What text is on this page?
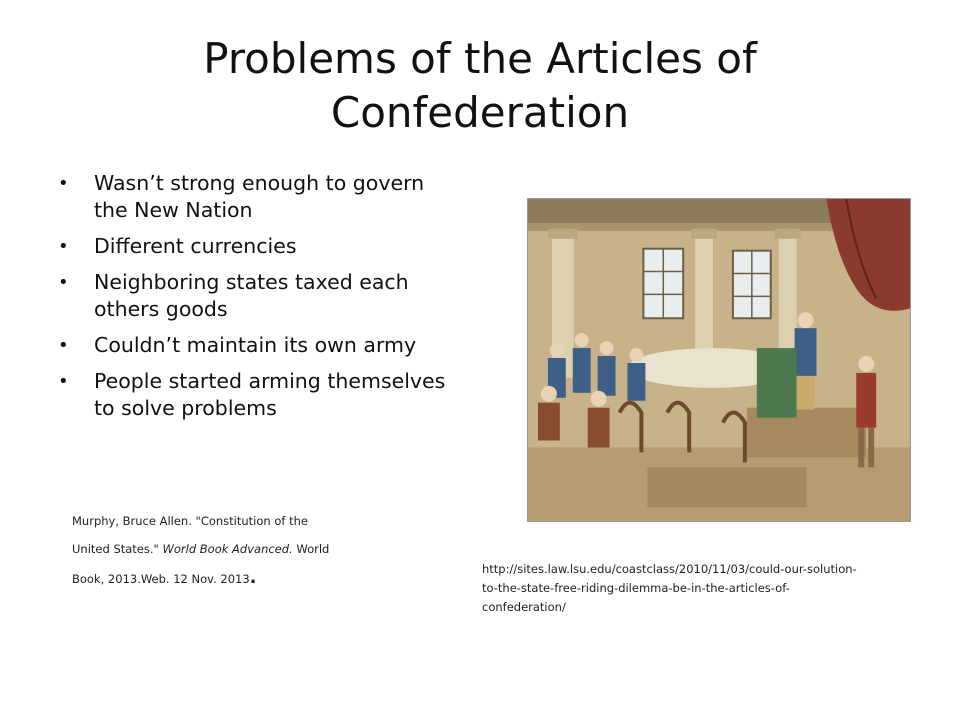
Problems of the Articles of
Confederation
• Wasn’t strong enough to govern
the New Nation
• Different currencies
• Neighboring states taxed each
others goods
• Couldn’t maintain its own army
• People started arming themselves
to solve problems
Murphy, Bruce Allen. "Constitution of the
United States." World Book Advanced. World
Book, 2013.Web. 12 Nov. 2013.	http://sites.law.lsu.edu/coastclass/2010/11/03/could-our-solution-
to-the-state-free-riding-dilemma-be-in-the-articles-of-
confederation/
